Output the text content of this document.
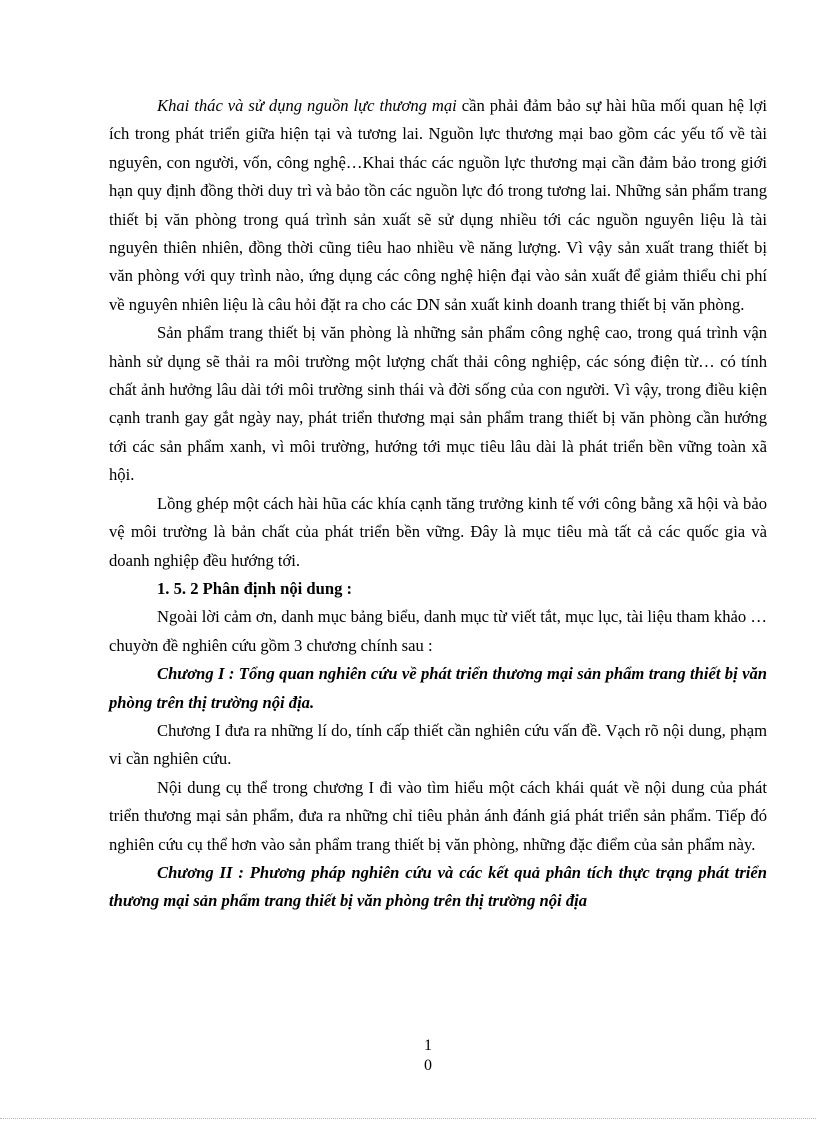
Khai thác và sử dụng nguồn lực thương mại cần phải đảm bảo sự hài hũa mối quan hệ lợi ích trong phát triển giữa hiện tại và tương lai. Nguồn lực thương mại bao gồm các yếu tố về tài nguyên, con người, vốn, công nghệ…Khai thác các nguồn lực thương mại cần đảm bảo trong giới hạn quy định đồng thời duy trì và bảo tồn các nguồn lực đó trong tương lai. Những sản phẩm trang thiết bị văn phòng trong quá trình sản xuất sẽ sử dụng nhiều tới các nguồn nguyên liệu là tài nguyên thiên nhiên, đồng thời cũng tiêu hao nhiều về năng lượng. Vì vậy sản xuất trang thiết bị văn phòng với quy trình nào, ứng dụng các công nghệ hiện đại vào sản xuất để giảm thiểu chi phí về nguyên nhiên liệu là câu hỏi đặt ra cho các DN sản xuất kinh doanh trang thiết bị văn phòng.

Sản phẩm trang thiết bị văn phòng là những sản phẩm công nghệ cao, trong quá trình vận hành sử dụng sẽ thải ra môi trường một lượng chất thải công nghiệp, các sóng điện từ… có tính chất ảnh hưởng lâu dài tới môi trường sinh thái và đời sống của con người. Vì vậy, trong điều kiện cạnh tranh gay gắt ngày nay, phát triển thương mại sản phẩm trang thiết bị văn phòng cần hướng tới các sản phẩm xanh, vì môi trường, hướng tới mục tiêu lâu dài là phát triển bền vững toàn xã hội.

Lồng ghép một cách hài hũa các khía cạnh tăng trưởng kinh tế với công bằng xã hội và bảo vệ môi trường là bản chất của phát triển bền vững. Đây là mục tiêu mà tất cả các quốc gia và doanh nghiệp đều hướng tới.

1. 5. 2 Phân định nội dung :

Ngoài lời cảm ơn, danh mục bảng biểu, danh mục từ viết tắt, mục lục, tài liệu tham khảo …chuyờn đề nghiên cứu gồm 3 chương chính sau :

Chương I : Tổng quan nghiên cứu về phát triển thương mại sản phẩm trang thiết bị văn phòng trên thị trường nội địa.

Chương I đưa ra những lí do, tính cấp thiết cần nghiên cứu vấn đề. Vạch rõ nội dung, phạm vi cần nghiên cứu.

Nội dung cụ thể trong chương I đi vào tìm hiểu một cách khái quát về nội dung của phát triển thương mại sản phẩm, đưa ra những chỉ tiêu phản ánh đánh giá phát triển sản phẩm. Tiếp đó nghiên cứu cụ thể hơn vào sản phẩm trang thiết bị văn phòng, những đặc điểm của sản phẩm này.

Chương II : Phương pháp nghiên cứu và các kết quả phân tích thực trạng phát triển thương mại sản phẩm trang thiết bị văn phòng trên thị trường nội địa

1
0
